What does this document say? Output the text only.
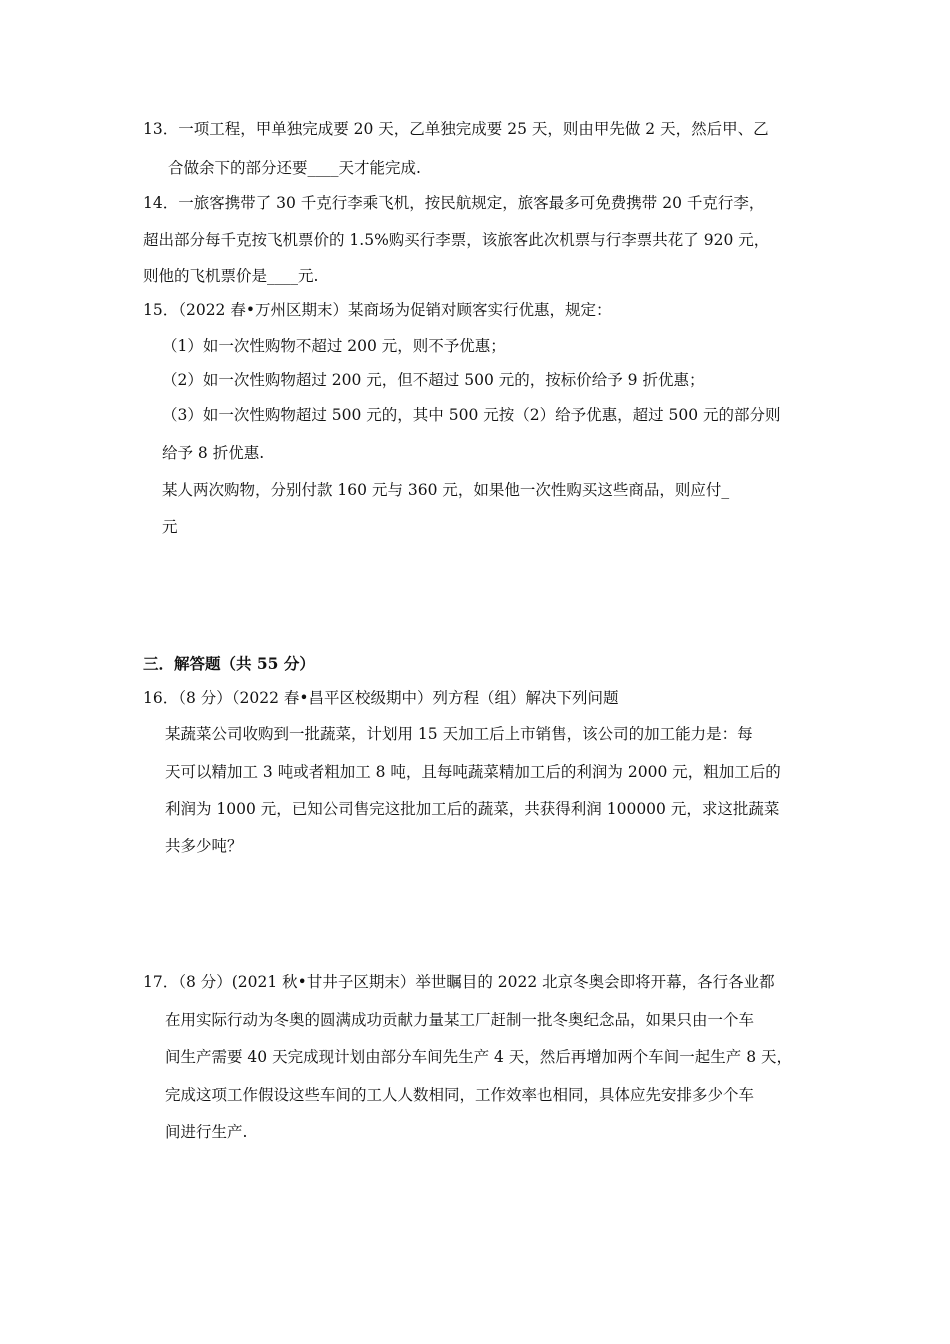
13．一项工程，甲单独完成要 20 天，乙单独完成要 25 天，则由甲先做 2 天，然后甲、乙
合做余下的部分还要____天才能完成.
14．一旅客携带了 30 千克行李乘飞机，按民航规定，旅客最多可免费携带 20 千克行李，
超出部分每千克按飞机票价的 1.5%购买行李票，该旅客此次机票与行李票共花了 920 元，
则他的飞机票价是____元.
15．（2022 春•万州区期末）某商场为促销对顾客实行优惠，规定：
（1）如一次性购物不超过 200 元，则不予优惠；
（2）如一次性购物超过 200 元，但不超过 500 元的，按标价给予 9 折优惠；
（3）如一次性购物超过 500 元的，其中 500 元按（2）给予优惠，超过 500 元的部分则
给予 8 折优惠.
某人两次购物，分别付款 160 元与 360 元，如果他一次性购买这些商品，则应付_
元
三．解答题（共 55 分）
16．（8 分）（2022 春•昌平区校级期中）列方程（组）解决下列问题
某蔬菜公司收购到一批蔬菜，计划用 15 天加工后上市销售，该公司的加工能力是：每
天可以精加工 3 吨或者粗加工 8 吨，且每吨蔬菜精加工后的利润为 2000 元，粗加工后的
利润为 1000 元，已知公司售完这批加工后的蔬菜，共获得利润 100000 元，求这批蔬菜
共多少吨？
17．（8 分）(2021 秋•甘井子区期末）举世瞩目的 2022 北京冬奥会即将开幕，各行各业都
在用实际行动为冬奥的圆满成功贡献力量某工厂赶制一批冬奥纪念品，如果只由一个车
间生产需要 40 天完成现计划由部分车间先生产 4 天，然后再增加两个车间一起生产 8 天，
完成这项工作假设这些车间的工人人数相同，工作效率也相同，具体应先安排多少个车
间进行生产.
